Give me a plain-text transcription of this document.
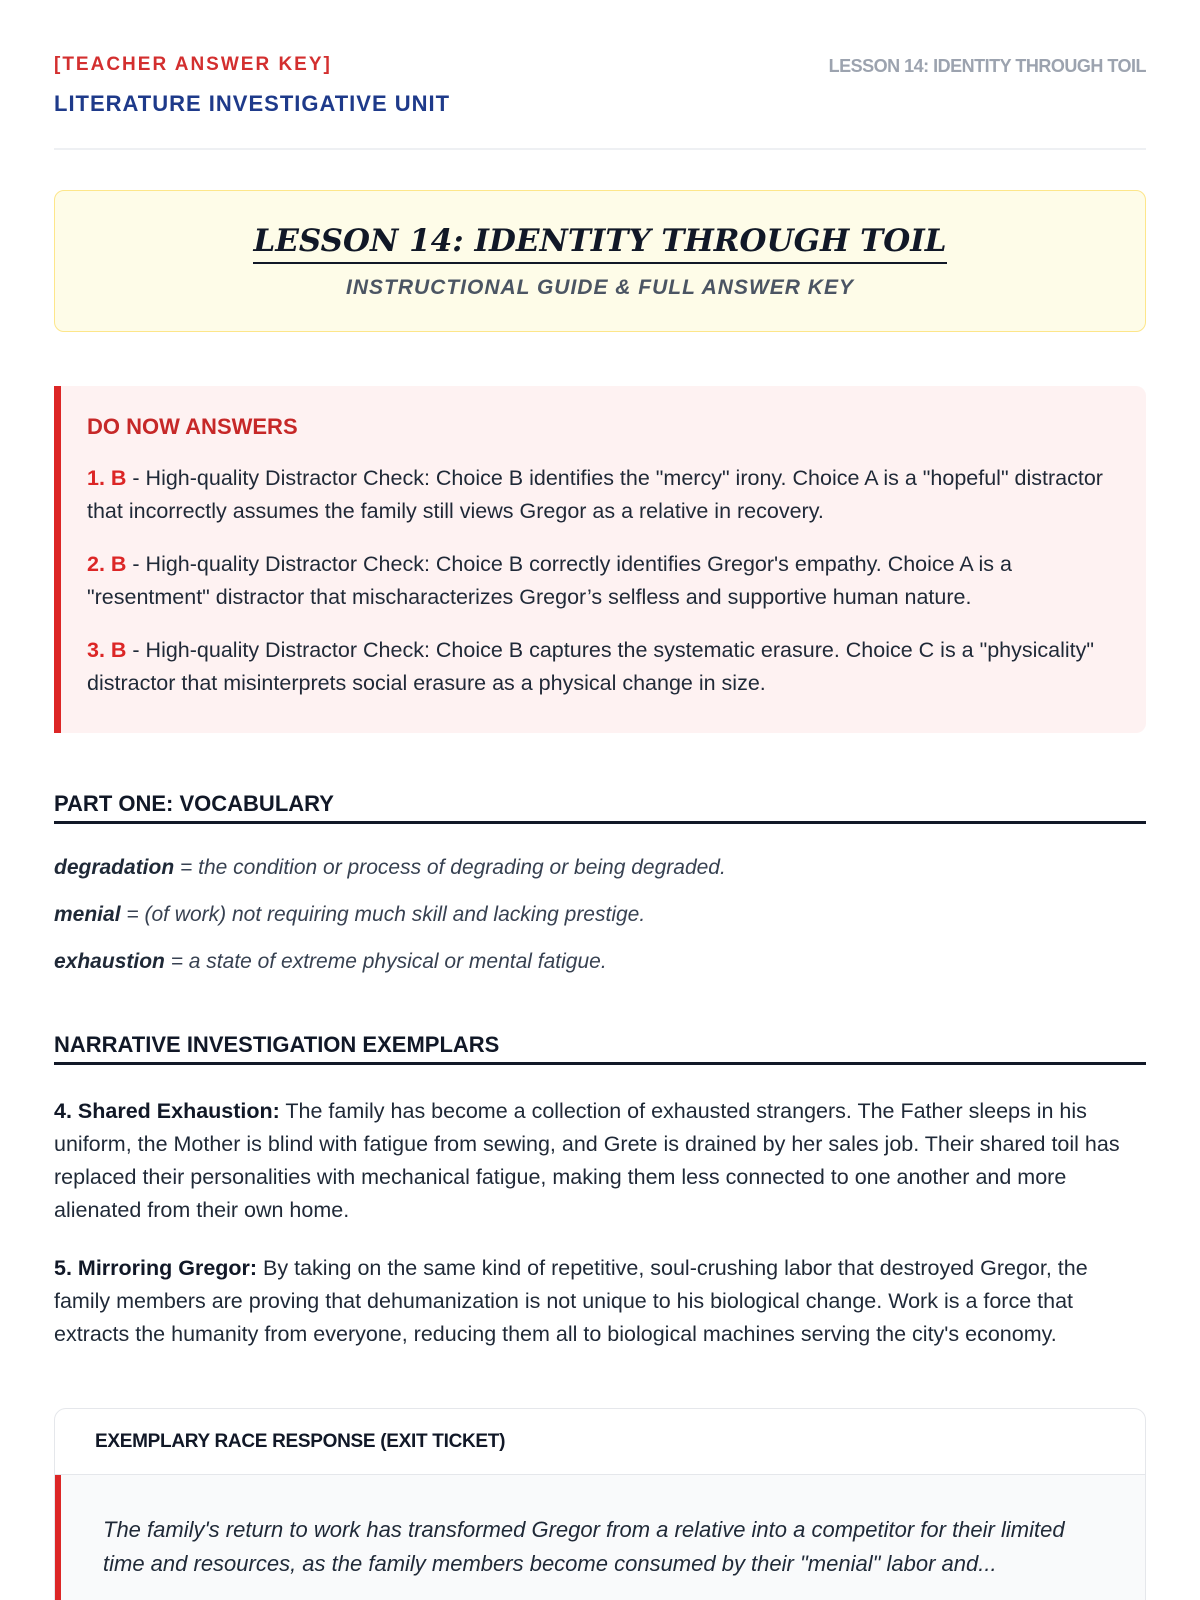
[TEACHER ANSWER KEY]
LITERATURE INVESTIGATIVE UNIT
LESSON 14: IDENTITY THROUGH TOIL
LESSON 14: IDENTITY THROUGH TOIL
INSTRUCTIONAL GUIDE & FULL ANSWER KEY
DO NOW ANSWERS
1. B - High-quality Distractor Check: Choice B identifies the "mercy" irony. Choice A is a "hopeful" distractor that incorrectly assumes the family still views Gregor as a relative in recovery.
2. B - High-quality Distractor Check: Choice B correctly identifies Gregor's empathy. Choice A is a "resentment" distractor that mischaracterizes Gregor’s selfless and supportive human nature.
3. B - High-quality Distractor Check: Choice B captures the systematic erasure. Choice C is a "physicality" distractor that misinterprets social erasure as a physical change in size.
PART ONE: VOCABULARY
degradation = the condition or process of degrading or being degraded.
menial = (of work) not requiring much skill and lacking prestige.
exhaustion = a state of extreme physical or mental fatigue.
NARRATIVE INVESTIGATION EXEMPLARS
4. Shared Exhaustion: The family has become a collection of exhausted strangers. The Father sleeps in his uniform, the Mother is blind with fatigue from sewing, and Grete is drained by her sales job. Their shared toil has replaced their personalities with mechanical fatigue, making them less connected to one another and more alienated from their own home.
5. Mirroring Gregor: By taking on the same kind of repetitive, soul-crushing labor that destroyed Gregor, the family members are proving that dehumanization is not unique to his biological change. Work is a force that extracts the humanity from everyone, reducing them all to biological machines serving the city's economy.
EXEMPLARY RACE RESPONSE (EXIT TICKET)
The family's return to work has transformed Gregor from a relative into a competitor for their limited time and resources, as the family members become consumed by their "menial" labor and...
